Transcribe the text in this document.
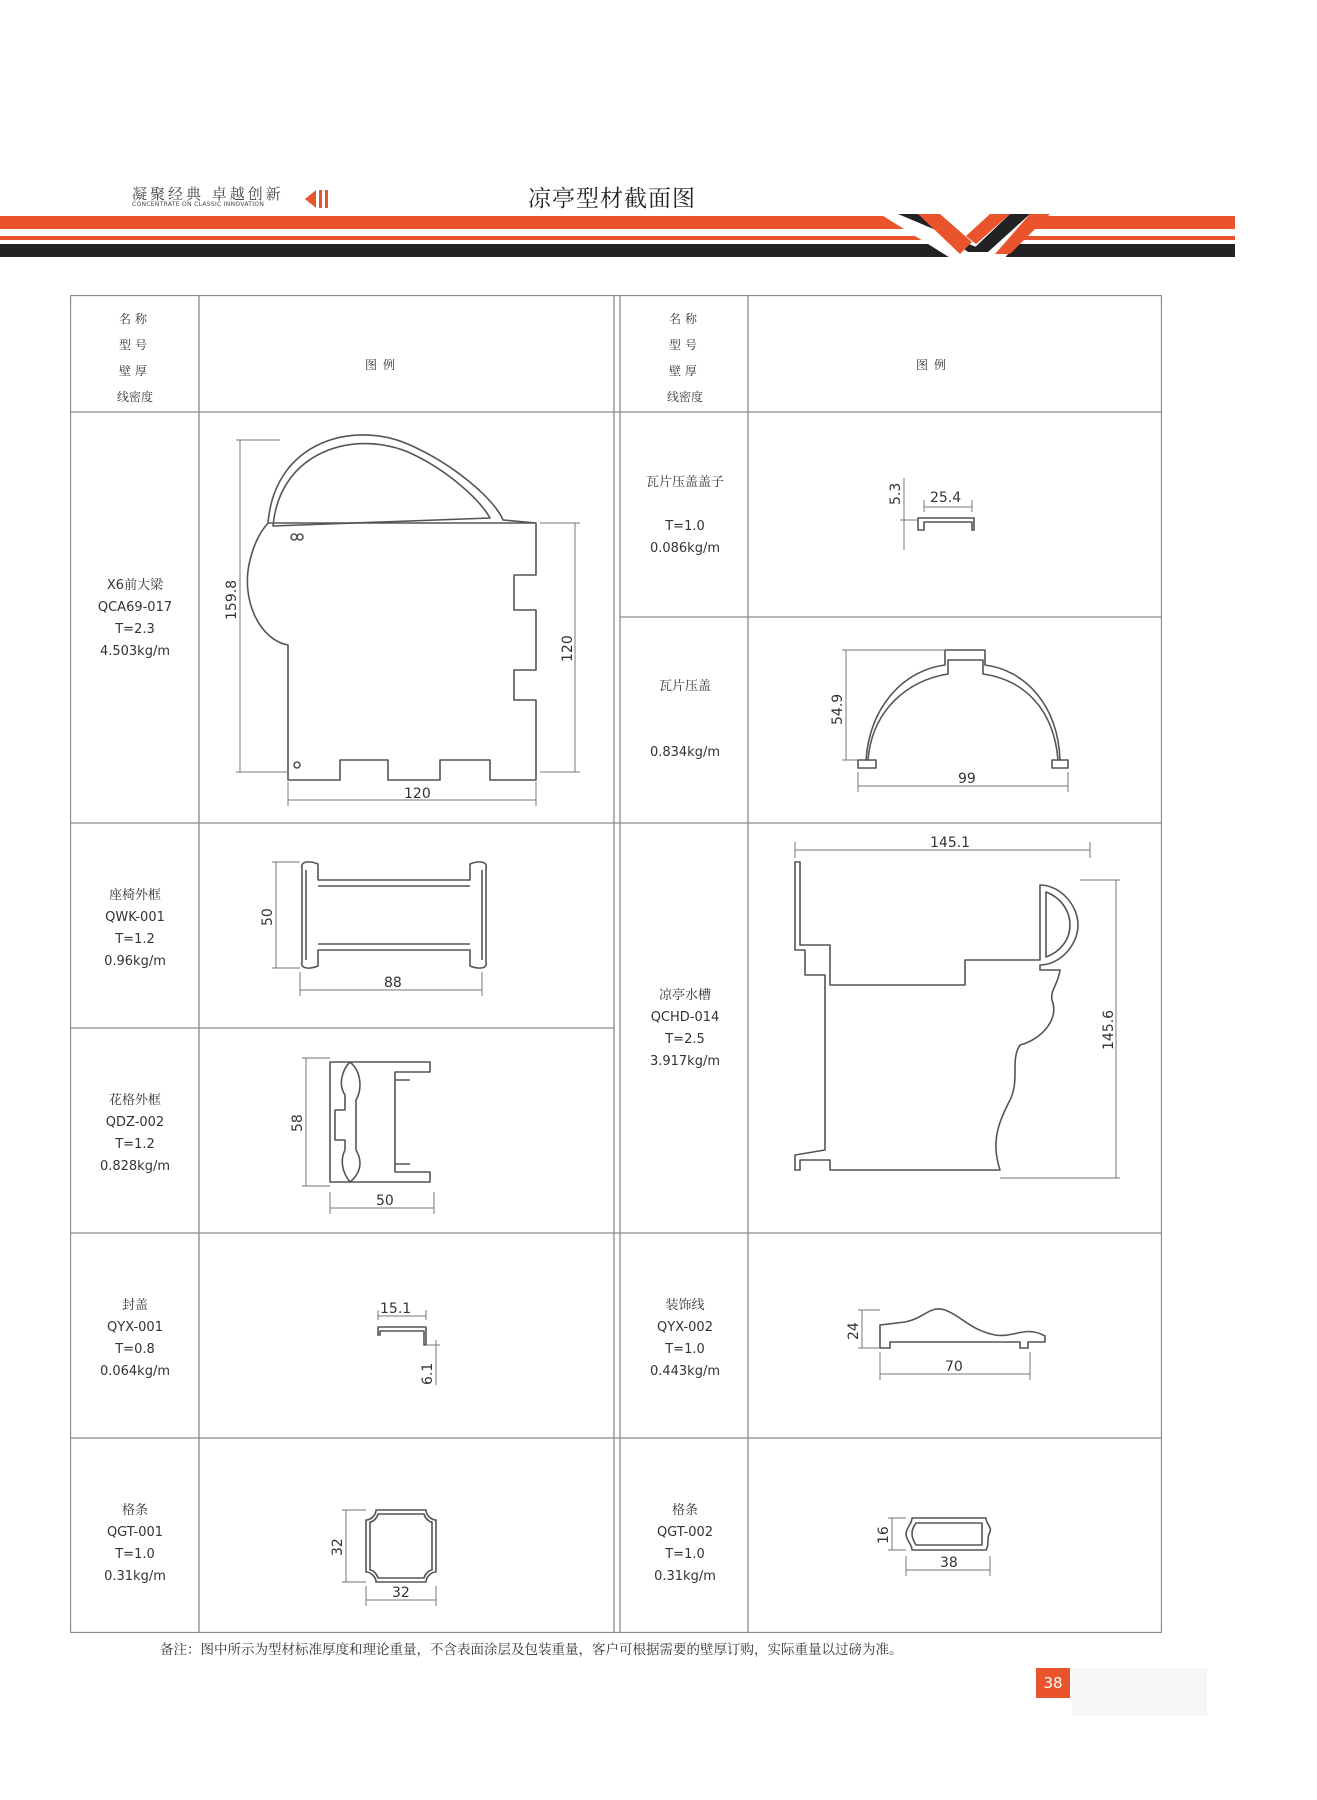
凝聚经典 卓越创新
CONCENTRATE ON CLASSIC INNOVATION	凉亭型材截面图
名称
型号
壁厚
线密度
图例
名称
型号
壁厚
线密度
图例
X6前大梁
QCA69-017
T=2.3
4.503kg/m
瓦片压盖盖子
T=1.0
0.086kg/m
瓦片压盖
0.834kg/m
座椅外框
QWK-001
T=1.2
0.96kg/m
凉亭水槽
QCHD-014
T=2.5
3.917kg/m
花格外框
QDZ-002
T=1.2
0.828kg/m
封盖
QYX-001
T=0.8
0.064kg/m
装饰线
QYX-002
T=1.0
0.443kg/m
格条
QGT-001
T=1.0
0.31kg/m
格条
QGT-002
T=1.0
0.31kg/m
159.8
120
120
5.3 25.4
54.9
99
50
88
145.1
145.6
58
50
15.1
6.1
24
70
32
32
16
38
备注：图中所示为型材标准厚度和理论重量，不含表面涂层及包装重量，客户可根据需要的壁厚订购，实际重量以过磅为准。
38
